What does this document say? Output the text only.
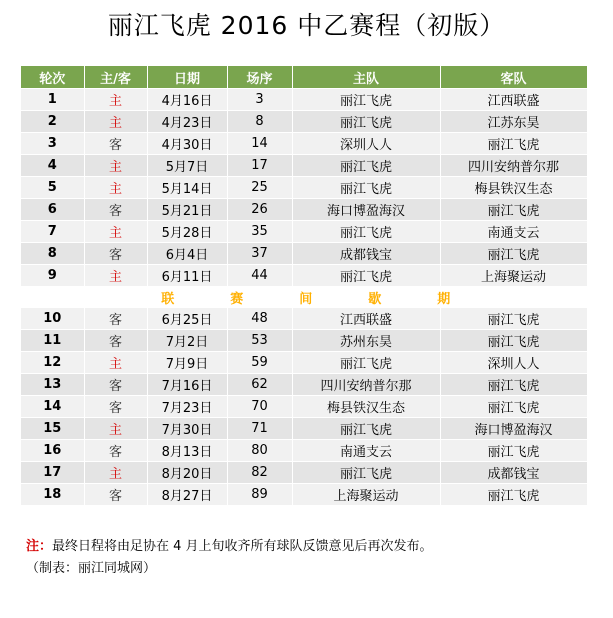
丽江飞虎 2016 中乙赛程（初版）
轮次	主/客	日期	场序	主队	客队
1	主	4月16日	3	丽江飞虎	江西联盛
2	主	4月23日	8	丽江飞虎	江苏东昊
3	客	4月30日	14	深圳人人	丽江飞虎
4	主	5月7日	17	丽江飞虎	四川安纳普尔那
5	主	5月14日	25	丽江飞虎	梅县铁汉生态
6	客	5月21日	26	海口博盈海汉	丽江飞虎
7	主	5月28日	35	丽江飞虎	南通支云
8	客	6月4日	37	成都钱宝	丽江飞虎
9	主	6月11日	44	丽江飞虎	上海聚运动
联赛间歇期					
10	客	6月25日	48	江西联盛	丽江飞虎
11	客	7月2日	53	苏州东昊	丽江飞虎
12	主	7月9日	59	丽江飞虎	深圳人人
13	客	7月16日	62	四川安纳普尔那	丽江飞虎
14	客	7月23日	70	梅县铁汉生态	丽江飞虎
15	主	7月30日	71	丽江飞虎	海口博盈海汉
16	客	8月13日	80	南通支云	丽江飞虎
17	主	8月20日	82	丽江飞虎	成都钱宝
18	客	8月27日	89	上海聚运动	丽江飞虎
注：最终日程将由足协在 4 月上旬收齐所有球队反馈意见后再次发布。
（制表：丽江同城网）
